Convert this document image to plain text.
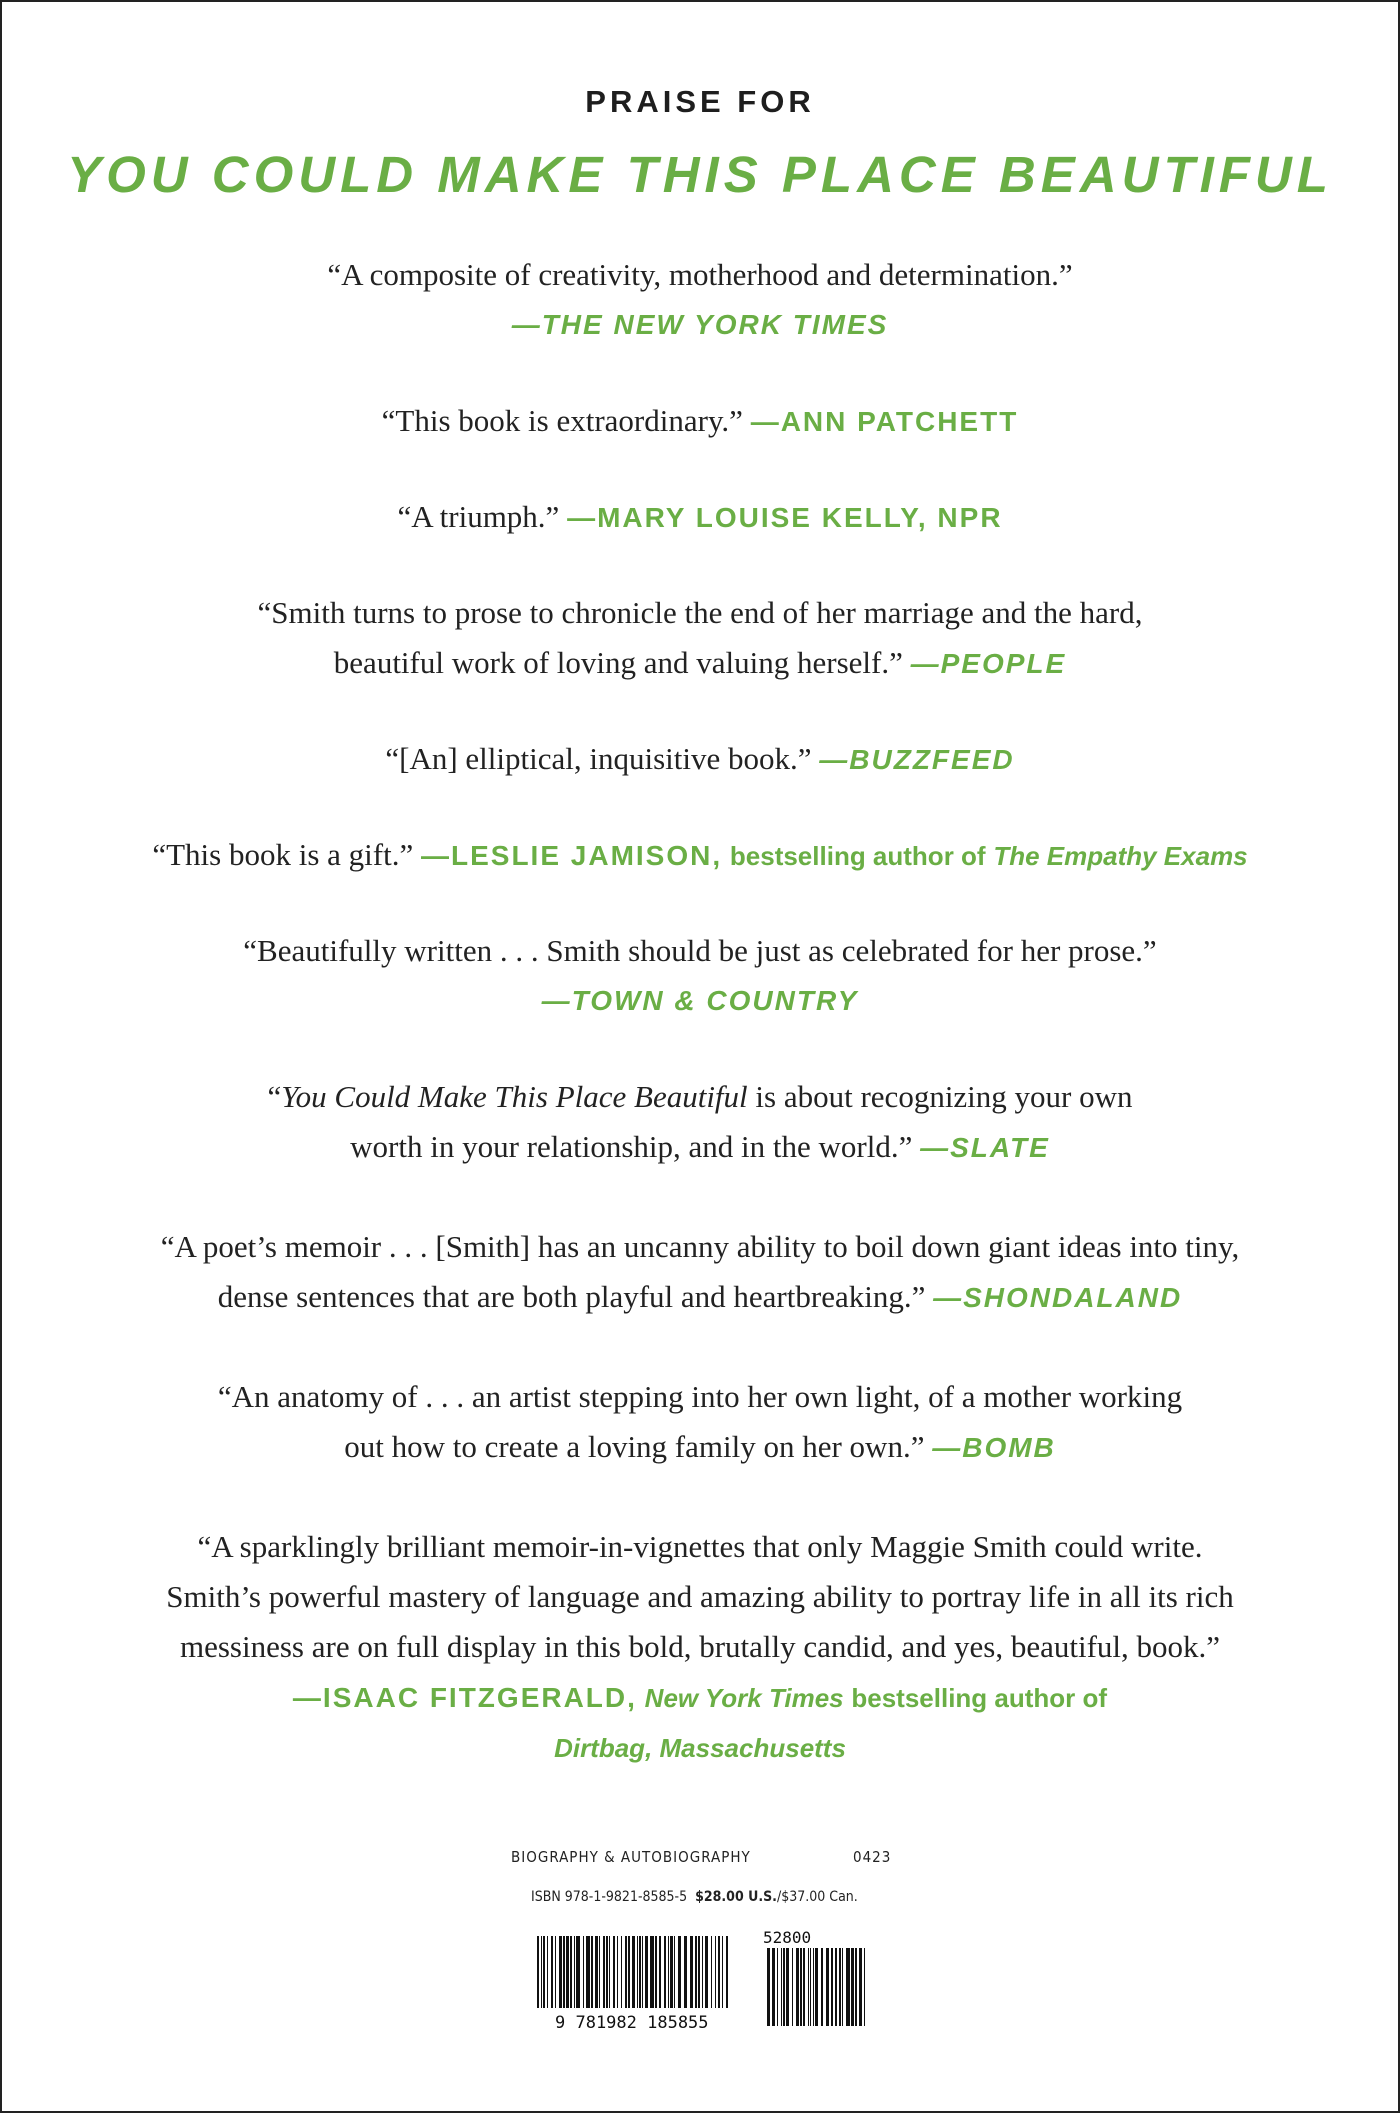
PRAISE FOR
YOU COULD MAKE THIS PLACE BEAUTIFUL
“A composite of creativity, motherhood and determination.”
—THE NEW YORK TIMES
“This book is extraordinary.” —ANN PATCHETT
“A triumph.” —MARY LOUISE KELLY, NPR
“Smith turns to prose to chronicle the end of her marriage and the hard,
beautiful work of loving and valuing herself.” —PEOPLE
“[An] elliptical, inquisitive book.” —BUZZFEED
“This book is a gift.” —LESLIE JAMISON, bestselling author of The Empathy Exams
“Beautifully written . . . Smith should be just as celebrated for her prose.”
—TOWN & COUNTRY
“You Could Make This Place Beautiful is about recognizing your own
worth in your relationship, and in the world.” —SLATE
“A poet’s memoir . . . [Smith] has an uncanny ability to boil down giant ideas into tiny,
dense sentences that are both playful and heartbreaking.” —SHONDALAND
“An anatomy of . . . an artist stepping into her own light, of a mother working
out how to create a loving family on her own.” —BOMB
“A sparklingly brilliant memoir-in-vignettes that only Maggie Smith could write.
Smith’s powerful mastery of language and amazing ability to portray life in all its rich
messiness are on full display in this bold, brutally candid, and yes, beautiful, book.”
—ISAAC FITZGERALD, New York Times bestselling author of
Dirtbag, Massachusetts
BIOGRAPHY & AUTOBIOGRAPHY	0423
ISBN 978-1-9821-8585-5 $28.00 U.S./$37.00 Can.
9 781982 185855
52800
